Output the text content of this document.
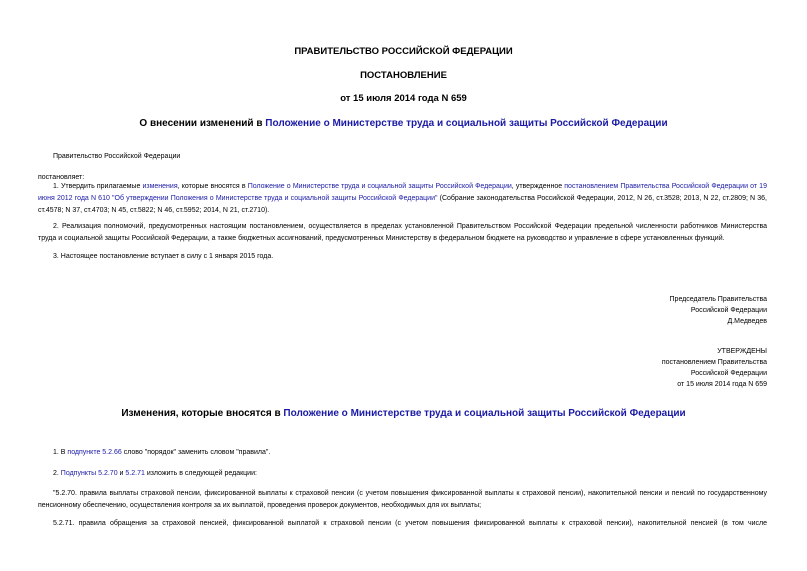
ПРАВИТЕЛЬСТВО РОССИЙСКОЙ ФЕДЕРАЦИИ
ПОСТАНОВЛЕНИЕ
от 15 июля 2014 года N 659
О внесении изменений в Положение о Министерстве труда и социальной защиты Российской Федерации
Правительство Российской Федерации
постановляет:
1. Утвердить прилагаемые изменения, которые вносятся в Положение о Министерстве труда и социальной защиты Российской Федерации, утвержденное постановлением Правительства Российской Федерации от 19 июня 2012 года N 610 "Об утверждении Положения о Министерстве труда и социальной защиты Российской Федерации" (Собрание законодательства Российской Федерации, 2012, N 26, ст.3528; 2013, N 22, ст.2809; N 36, ст.4578; N 37, ст.4703; N 45, ст.5822; N 46, ст.5952; 2014, N 21, ст.2710).
2. Реализация полномочий, предусмотренных настоящим постановлением, осуществляется в пределах установленной Правительством Российской Федерации предельной численности работников Министерства труда и социальной защиты Российской Федерации, а также бюджетных ассигнований, предусмотренных Министерству в федеральном бюджете на руководство и управление в сфере установленных функций.
3. Настоящее постановление вступает в силу с 1 января 2015 года.
Председатель Правительства
Российской Федерации
Д.Медведев
УТВЕРЖДЕНЫ
постановлением Правительства
Российской Федерации
от 15 июля 2014 года N 659
Изменения, которые вносятся в Положение о Министерстве труда и социальной защиты Российской Федерации
1. В подпункте 5.2.66 слово "порядок" заменить словом "правила".
2. Подпункты 5.2.70 и 5.2.71 изложить в следующей редакции:
"5.2.70. правила выплаты страховой пенсии, фиксированной выплаты к страховой пенсии (с учетом повышения фиксированной выплаты к страховой пенсии), накопительной пенсии и пенсий по государственному пенсионному обеспечению, осуществления контроля за их выплатой, проведения проверок документов, необходимых для их выплаты;
5.2.71. правила обращения за страховой пенсией, фиксированной выплатой к страховой пенсии (с учетом повышения фиксированной выплаты к страховой пенсии), накопительной пенсией (в том числе
